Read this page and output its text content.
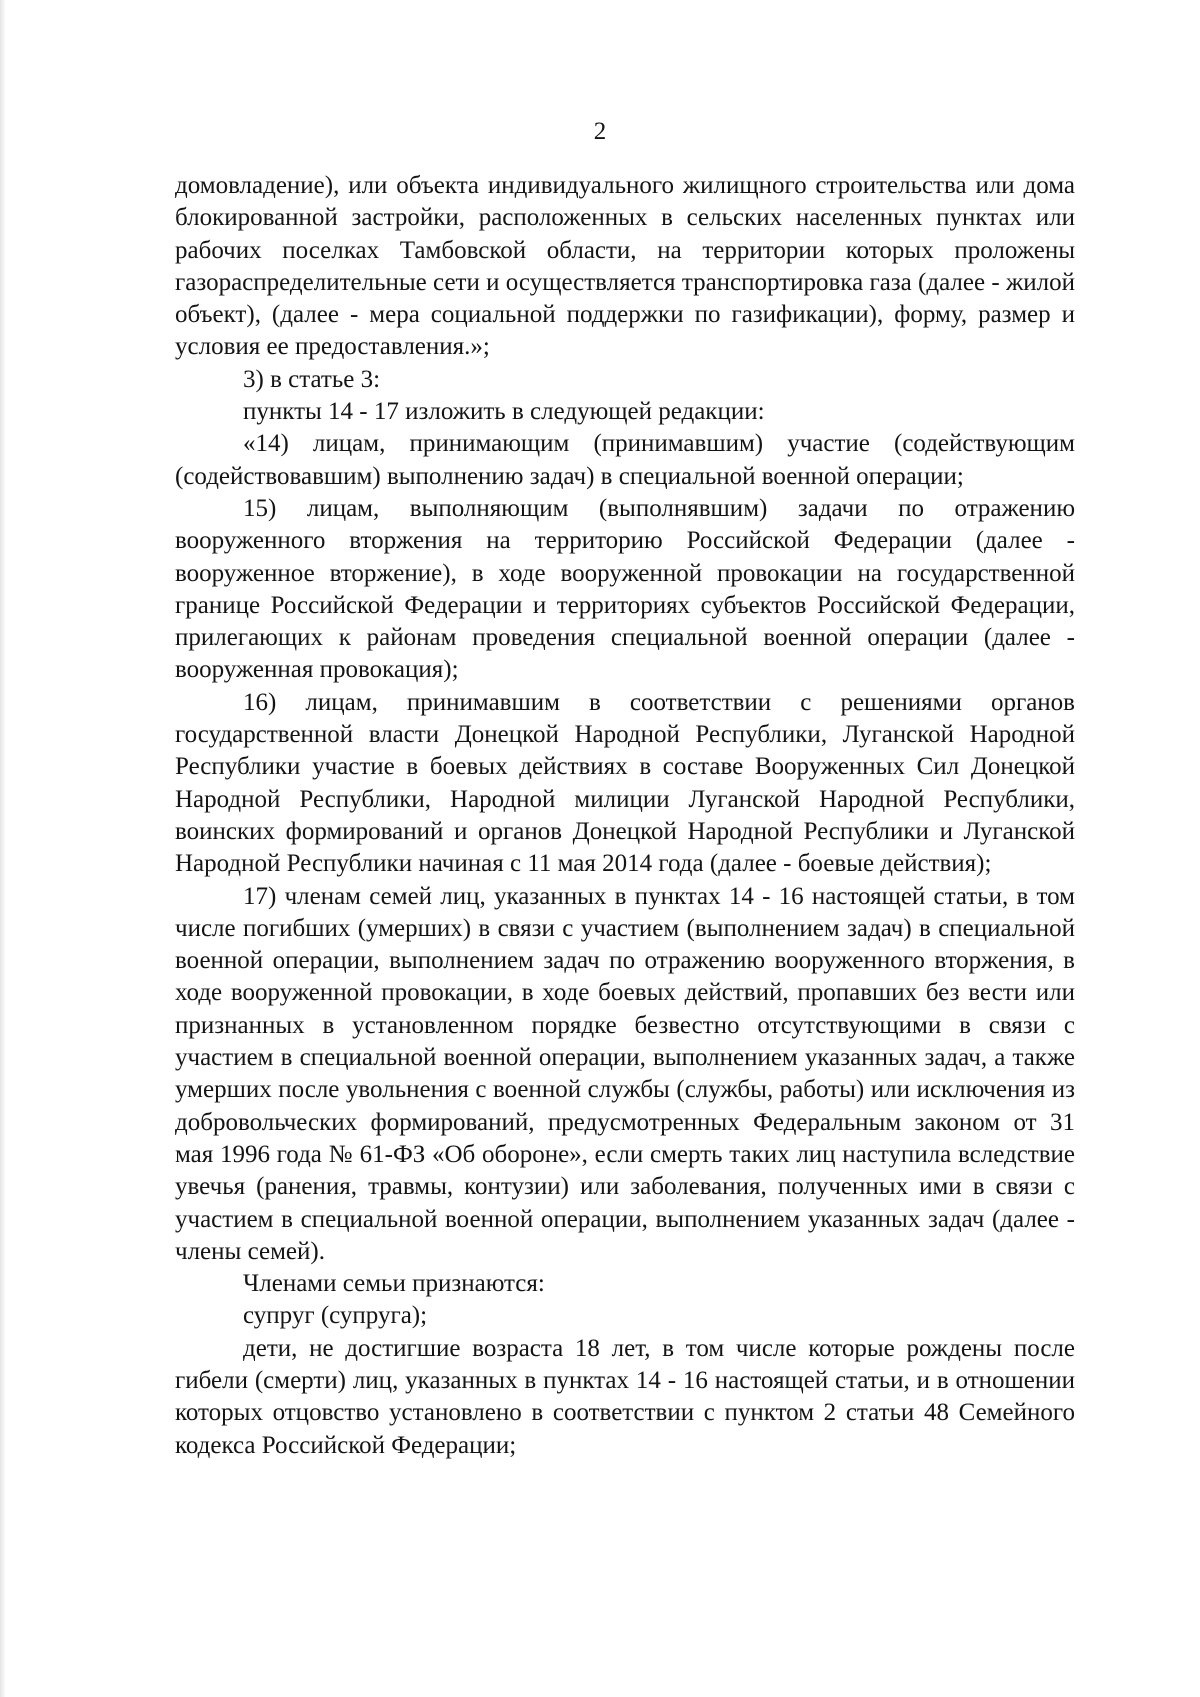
2

домовладение), или объекта индивидуального жилищного строительства или дома блокированной застройки, расположенных в сельских населенных пунктах или рабочих поселках Тамбовской области, на территории которых проложены газораспределительные сети и осуществляется транспортировка газа (далее - жилой объект), (далее - мера социальной поддержки по газификации), форму, размер и условия ее предоставления.»;

3) в статье 3:

пункты 14 - 17 изложить в следующей редакции:

«14) лицам, принимающим (принимавшим) участие (содействующим (содействовавшим) выполнению задач) в специальной военной операции;

15) лицам, выполняющим (выполнявшим) задачи по отражению вооруженного вторжения на территорию Российской Федерации (далее - вооруженное вторжение), в ходе вооруженной провокации на государственной границе Российской Федерации и территориях субъектов Российской Федерации, прилегающих к районам проведения специальной военной операции (далее - вооруженная провокация);

16) лицам, принимавшим в соответствии с решениями органов государственной власти Донецкой Народной Республики, Луганской Народной Республики участие в боевых действиях в составе Вооруженных Сил Донецкой Народной Республики, Народной милиции Луганской Народной Республики, воинских формирований и органов Донецкой Народной Республики и Луганской Народной Республики начиная с 11 мая 2014 года (далее - боевые действия);

17) членам семей лиц, указанных в пунктах 14 - 16 настоящей статьи, в том числе погибших (умерших) в связи с участием (выполнением задач) в специальной военной операции, выполнением задач по отражению вооруженного вторжения, в ходе вооруженной провокации, в ходе боевых действий, пропавших без вести или признанных в установленном порядке безвестно отсутствующими в связи с участием в специальной военной операции, выполнением указанных задач, а также умерших после увольнения с военной службы (службы, работы) или исключения из добровольческих формирований, предусмотренных Федеральным законом от 31 мая 1996 года № 61-ФЗ «Об обороне», если смерть таких лиц наступила вследствие увечья (ранения, травмы, контузии) или заболевания, полученных ими в связи с участием в специальной военной операции, выполнением указанных задач (далее - члены семей).

Членами семьи признаются:

супруг (супруга);

дети, не достигшие возраста 18 лет, в том числе которые рождены после гибели (смерти) лиц, указанных в пунктах 14 - 16 настоящей статьи, и в отношении которых отцовство установлено в соответствии с пунктом 2 статьи 48 Семейного кодекса Российской Федерации;
